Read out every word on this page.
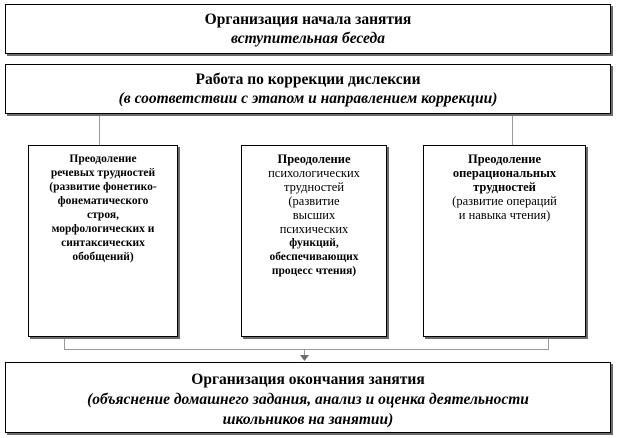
Организация начала занятия
вступительная беседа
Работа по коррекции дислексии
(в соответствии с этапом и направлением коррекции)
Преодоление
речевых трудностей
(развитие фонетико-
фонематического
строя,
морфологических и
синтаксических
обобщений)
Преодоление
психологических
трудностей
(развитие
высших
психических
функций,
обеспечивающих
процесс чтения)
Преодоление
операциональных
трудностей
(развитие операций
и навыка чтения)
Организация окончания занятия
(объяснение домашнего задания, анализ и оценка деятельности
школьников на занятии)
